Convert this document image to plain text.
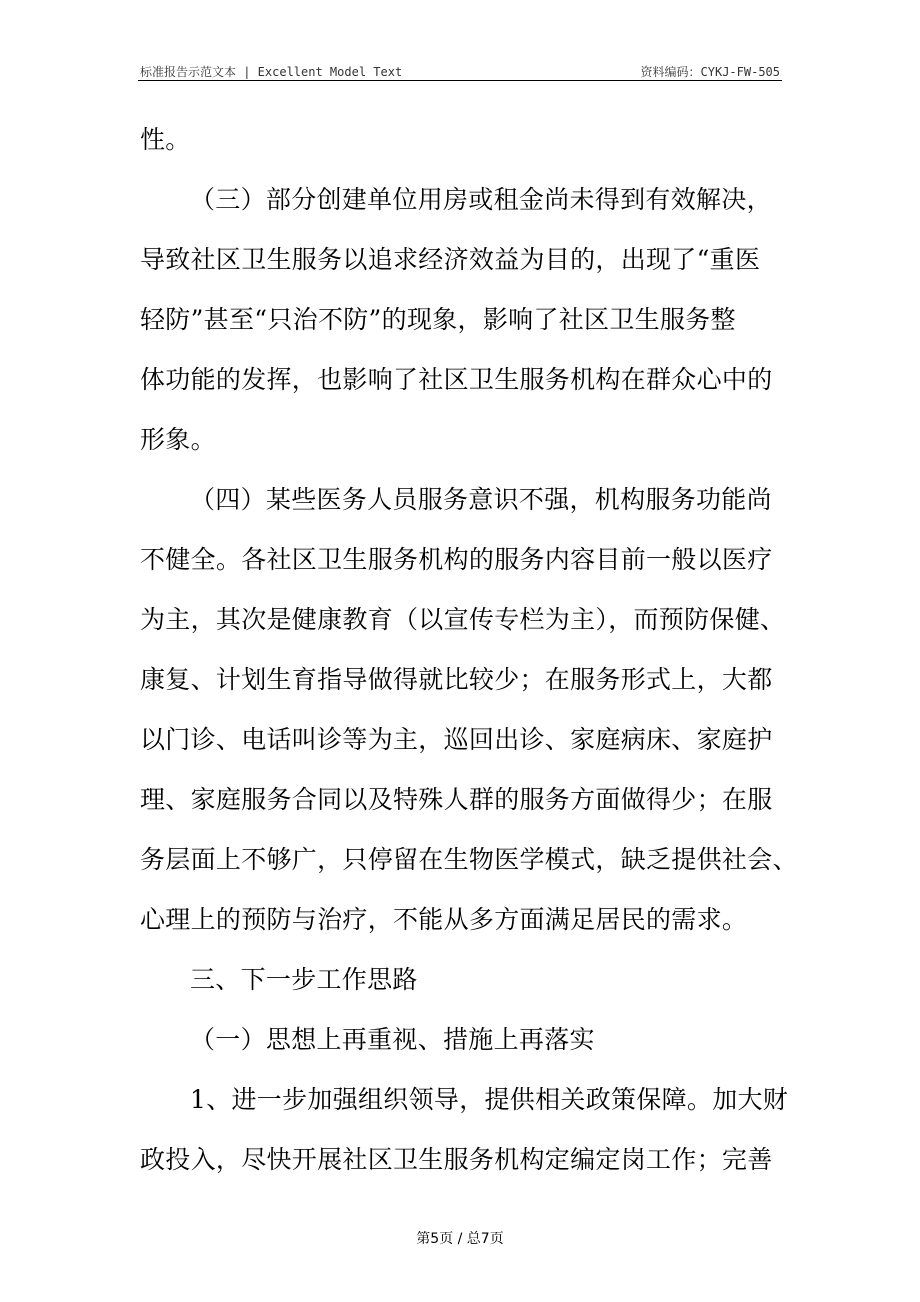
标准报告示范文本 | Excellent Model Text	资料编码：CYKJ-FW-505
性。
（三）部分创建单位用房或租金尚未得到有效解决，
导致社区卫生服务以追求经济效益为目的，出现了“重医
轻防”甚至“只治不防”的现象，影响了社区卫生服务整
体功能的发挥，也影响了社区卫生服务机构在群众心中的
形象。
（四）某些医务人员服务意识不强，机构服务功能尚
不健全。各社区卫生服务机构的服务内容目前一般以医疗
为主，其次是健康教育（以宣传专栏为主），而预防保健、
康复、计划生育指导做得就比较少；在服务形式上，大都
以门诊、电话叫诊等为主，巡回出诊、家庭病床、家庭护
理、家庭服务合同以及特殊人群的服务方面做得少；在服
务层面上不够广，只停留在生物医学模式，缺乏提供社会、
心理上的预防与治疗，不能从多方面满足居民的需求。
三、下一步工作思路
（一）思想上再重视、措施上再落实
1、进一步加强组织领导，提供相关政策保障。加大财
政投入，尽快开展社区卫生服务机构定编定岗工作；完善
第5页 / 总7页
